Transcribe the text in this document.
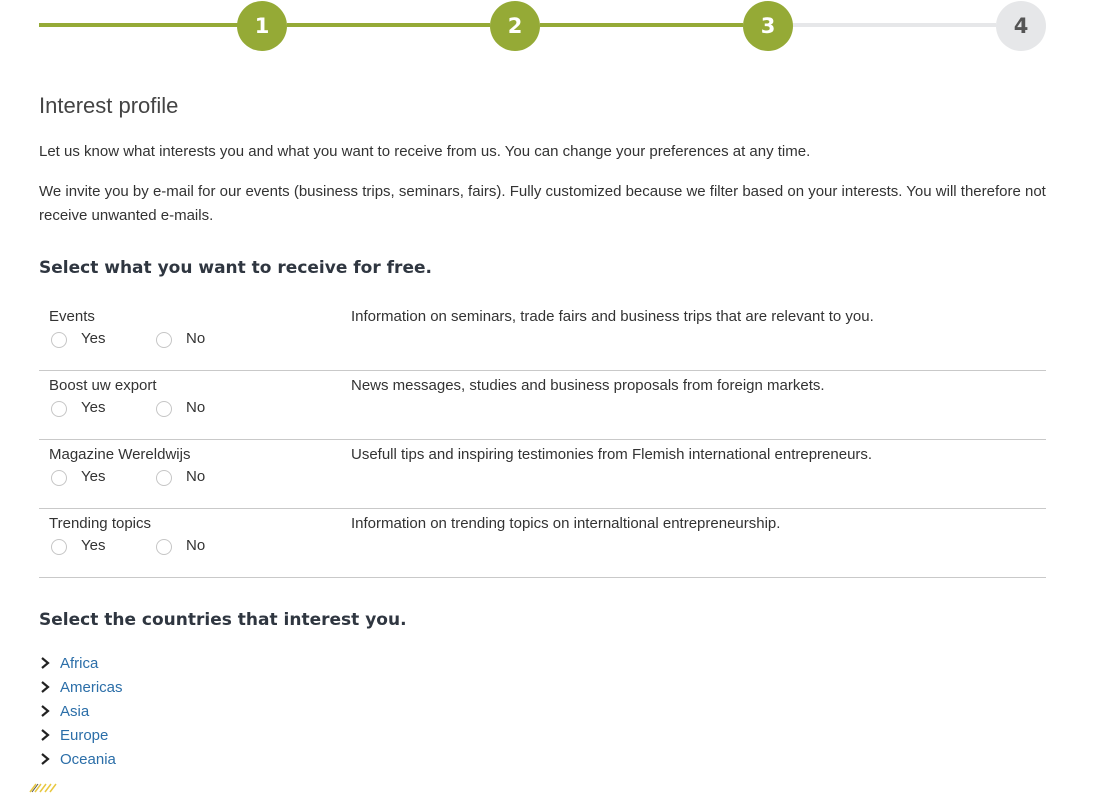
1	2	3	4
Interest profile

Let us know what interests you and what you want to receive from us. You can change your preferences at any time.

We invite you by e-mail for our events (business trips, seminars, fairs). Fully customized because we filter based on your interests. You will therefore not receive unwanted e-mails.

Select what you want to receive for free.
Events
Yes	No
Information on seminars, trade fairs and business trips that are relevant to you.
Boost uw export
Yes	No
News messages, studies and business proposals from foreign markets.
Magazine Wereldwijs
Yes	No
Usefull tips and inspiring testimonies from Flemish international entrepreneurs.
Trending topics
Yes	No
Information on trending topics on internaltional entrepreneurship.
Select the countries that interest you.
Africa
Americas
Asia
Europe
Oceania
